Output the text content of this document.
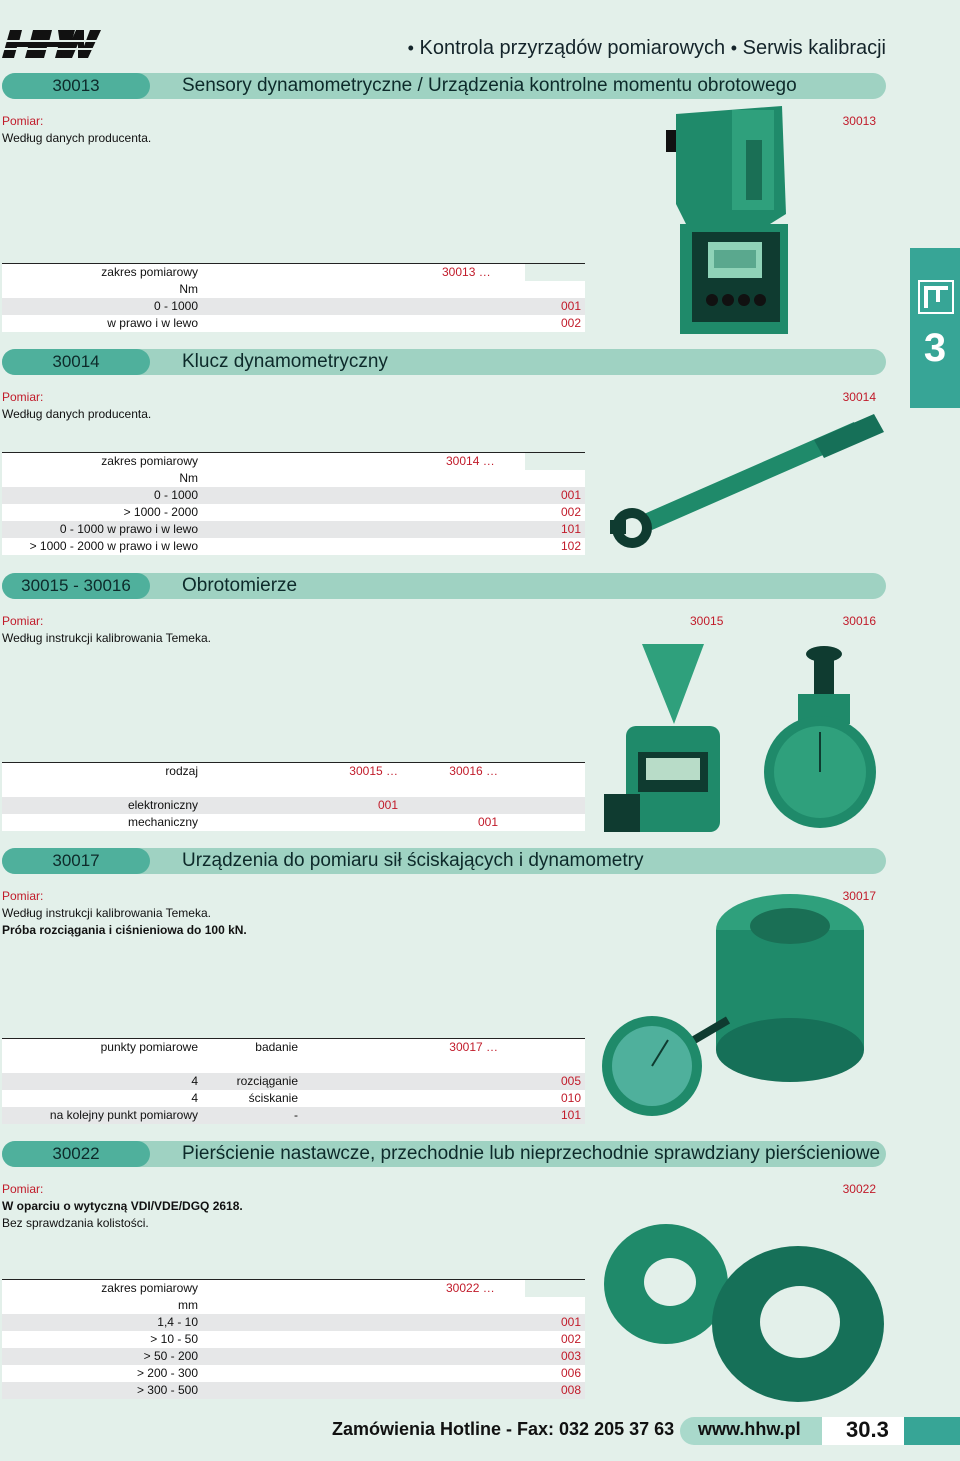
HHW
• Kontrola przyrządów pomiarowych • Serwis kalibracji
3
30013	Sensory dynamometryczne / Urządzenia kontrolne momentu obrotowego
Pomiar:
Według danych producenta.
30013
zakres pomiarowy		30013 …
Nm		
0 - 1000		001
w prawo i w lewo		002
30014	Klucz dynamometryczny
Pomiar:
Według danych producenta.
30014
zakres pomiarowy		30014 …
Nm		
0 - 1000		001
> 1000 - 2000		002
0 - 1000 w prawo i w lewo		101
> 1000 - 2000 w prawo i w lewo		102
30015 - 30016	Obrotomierze
Pomiar:
Według instrukcji kalibrowania Temeka.
30015	30016
rodzaj	30015 …	30016 …	

elektroniczny	001		
mechaniczny		001	
30017	Urządzenia do pomiaru sił ściskających i dynamometry
Pomiar:
Według instrukcji kalibrowania Temeka.
Próba rozciągania i ciśnieniowa do 100 kN.
30017
punkty pomiarowe	badanie	30017 …	

4	rozciąganie		005
4	ściskanie		010
na kolejny punkt pomiarowy	-		101
30022	Pierścienie nastawcze, przechodnie lub nieprzechodnie sprawdziany pierścieniowe
Pomiar:
W oparciu o wytyczną VDI/VDE/DGQ 2618.
Bez sprawdzania kolistości.
30022
zakres pomiarowy		30022 …
mm		
1,4 - 10		001
> 10 - 50		002
> 50 - 200		003
> 200 - 300		006
> 300 - 500		008
Zamówienia Hotline - Fax: 032 205 37 63 www.hhw.pl 30.3
